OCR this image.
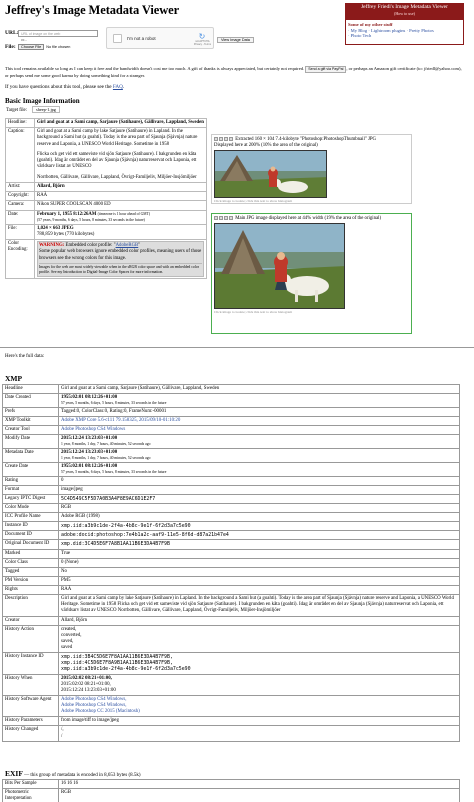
Jeffrey's Image Metadata Viewer
URL: URL of image on the web
or...
File:	Choose File	No file chosen
I'm not a robot	↻
reCAPTCHA
Privacy - Terms
View Image Data
Jeffrey Friedl's Image Metadata Viewer
(How to use)
Some of my other stuff
· My Blog · Lightroom plugins · Pretty Photos
· Photo Tech
This tool remains available so long as I can keep it free and the bandwidth doesn't cost me too much. A gift of thanks is always appreciated, but certainly not required. Send a gift via PayPal , or perhaps an Amazon gift certificate (to: jfriedl@yahoo.com), or perhaps send me some good karma by doing something kind for a stranger.
If you have questions about this tool, please see the FAQ.
Basic Image Information
Target file: sheep-1.jpg
Headline:	Girl and goat at a Sami camp, Sarjaure (Satihaure), Gällivare, Lappland, Sweden
Caption:	Girl and goat at a Sami camp by lake Satjaure (Satihaure) in Lapland. In the background a Sami hut (a goahti). Today is the area part of Sjaunja (Sjávnja) nature reserve and Laponia, a UNESCO World Heritage. Sometime in 1958
Flicka och get vid ett sameviste vid sjön Satjaure (Satihaure). I bakgrunden en kåta (goahti). Idag är området en del av Sjaunja (Sjávnja) naturreservat och Laponia, ett världsarv listat av UNESCO
Norrbotten, Gällivare, Gällivare, Lappland, Övrigt-Familjeliv, Miljöer-Insjömiljöer

Artist:	Allard, Björn
Copyright:	RAÄ
Camera:	Nikon SUPER COOLSCAN 4000 ED
Date:	February 1, 1955 8:12:26AM (timezone is 1 hour ahead of GMT)
(57 years, 9 months, 6 days, 5 hours, 8 minutes, 33 seconds in the future)

File:	1,024 × 663 JPEG
788,859 bytes (770 kilobytes)

Color Encoding:	WARNING: Embedded color profile: "AdobeRGB"
Some popular web browsers ignore embedded color profiles, meaning users of those browsers see the wrong colors for this image.
Images for the web are most widely viewable when in the sRGB color space and with an embedded color profile. See my Introduction to Digital-Image Color Spaces for more information.
Extracted 160 × 104 7.4-kilobyte "Photoshop:PhotoshopThumbnail" JPG
Displayed here at 200% (10% the area of the original)
Click image to isolate; click this text to show histogram
Main JPG image displayed here at 44% width (19% the area of the original)
Click image to isolate; click this text to show histogram
Here's the full data:
XMP
Headline	Girl and goat at a Sami camp, Sarjaure (Satihaure), Gällivare, Lappland, Sweden
Date Created	1955:02:01 08:12:26+01:00
57 years, 5 months, 6 days, 5 hours, 8 minutes, 33 seconds in the future

Prefs	Tagged:0, ColorClass:0, Rating:0, FrameNum:-00001
XMP Toolkit	Adobe XMP Core 5.6-c111 79.158325, 2015/09/10-01:10:20
Creator Tool	Adobe Photoshop CS4 Windows
Modify Date	2015:12:24 13:23:03+01:00
1 year, 8 months, 1 day, 7 hours, 40 minutes, 52 seconds ago

Metadata Date	2015:12:24 13:23:03+01:00
1 year, 8 months, 1 day, 7 hours, 40 minutes, 52 seconds ago

Create Date	1955:02:01 08:12:26+01:00
57 years, 5 months, 6 days, 5 hours, 8 minutes, 33 seconds in the future

Rating	0
Format	image/jpeg
Legacy IPTC Digest	5C4D549C5F5D7A0B3A4F8E9AC6D1E2F7
Color Mode	RGB
ICC Profile Name	Adobe RGB (1998)
Instance ID	xmp.iid:a3b9c1de-2f4a-4b8c-9e1f-6f2d3a7c5e90
Document ID	adobe:docid:photoshop:7e4b1a2c-aaf9-11e5-8f6d-d87a21b47e4
Original Document ID	xmp.did:3C4D5E6F7A8B1AA11B6E3DA4B7F9B
Marked	True
Color Class	0 (None)
Tagged	No
PM Version	PM5
Rights	RAÄ
Description	Girl and goat at a Sami camp by lake Satjaure (Satihaure) in Lapland. In the background a Sami hut (a goahti). Today is the area part of Sjaunja (Sjávnja) nature reserve and Laponia, a UNESCO World Heritage. Sometime in 1958 Flicka och get vid ett sameviste vid sjön Satjaure (Satihaure). I bakgrunden en kåta (goahti). Idag är området en del av Sjaunja (Sjávnja) naturreservat och Laponia, ett världsarv listat av UNESCO Norrbotten, Gällivare, Gällivare, Lappland, Övrigt-Familjeliv, Miljöer-Insjömiljöer
Creator	Allard, Björn
History Action	created,
converted,
saved,
saved

History Instance ID	xmp.iid:3B4C5D6E7F8A1AA11B6E3DA4B7F9B,
xmp.iid:4C5D6E7F8A9B1AA11B6E3DA4B7F9B,
xmp.iid:a3b9c1de-2f4a-4b8c-9e1f-6f2d3a7c5e90

History When	2015:02:02 08:21+01:00,
2015:02:02 08:21+01:00,
2015:12:24 13:23:03+01:00

History Software Agent	Adobe Photoshop CS4 Windows,
Adobe Photoshop CS4 Windows,
Adobe Photoshop CC 2015 (Macintosh)

History Parameters	from image/tiff to image/jpeg
History Changed	/,
/
EXIF — this group of metadata is encoded in 8,653 bytes (8.5k)
Bits Per Sample	16 16 16
Photometric Interpretation	RGB
